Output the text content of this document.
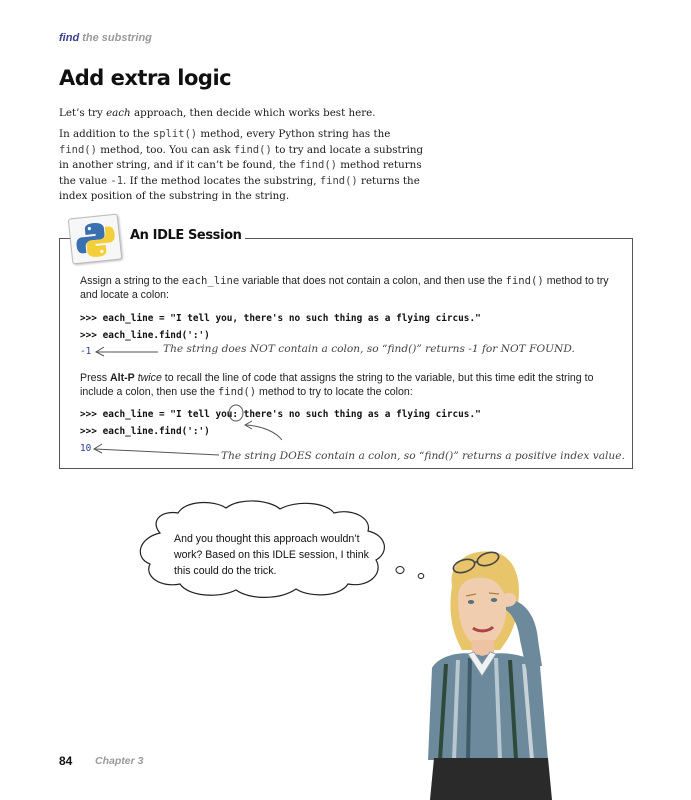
find the substring
Add extra logic

Let’s try each approach, then decide which works best here.

In addition to the split() method, every Python string has the find() method, too. You can ask find() to try and locate a substring in another string, and if it can’t be found, the find() method returns the value -1. If the method locates the substring, find() returns the index position of the substring in the string.

An IDLE Session
Assign a string to the each_line variable that does not contain a colon, and then use the find() method to try and locate a colon:
>>> each_line = "I tell you, there's no such thing as a flying circus."
>>> each_line.find(':')
-1	The string does NOT contain a colon, so “find()” returns -1 for NOT FOUND.
Press Alt-P twice to recall the line of code that assigns the string to the variable, but this time edit the string to include a colon, then use the find() method to try to locate the colon:
>>> each_line = "I tell you: there's no such thing as a flying circus."
>>> each_line.find(':')
10
The string DOES contain a colon, so “find()” returns a positive index value.
And you thought this approach wouldn’t work? Based on this IDLE session, I think this could do the trick.
84 Chapter 3
